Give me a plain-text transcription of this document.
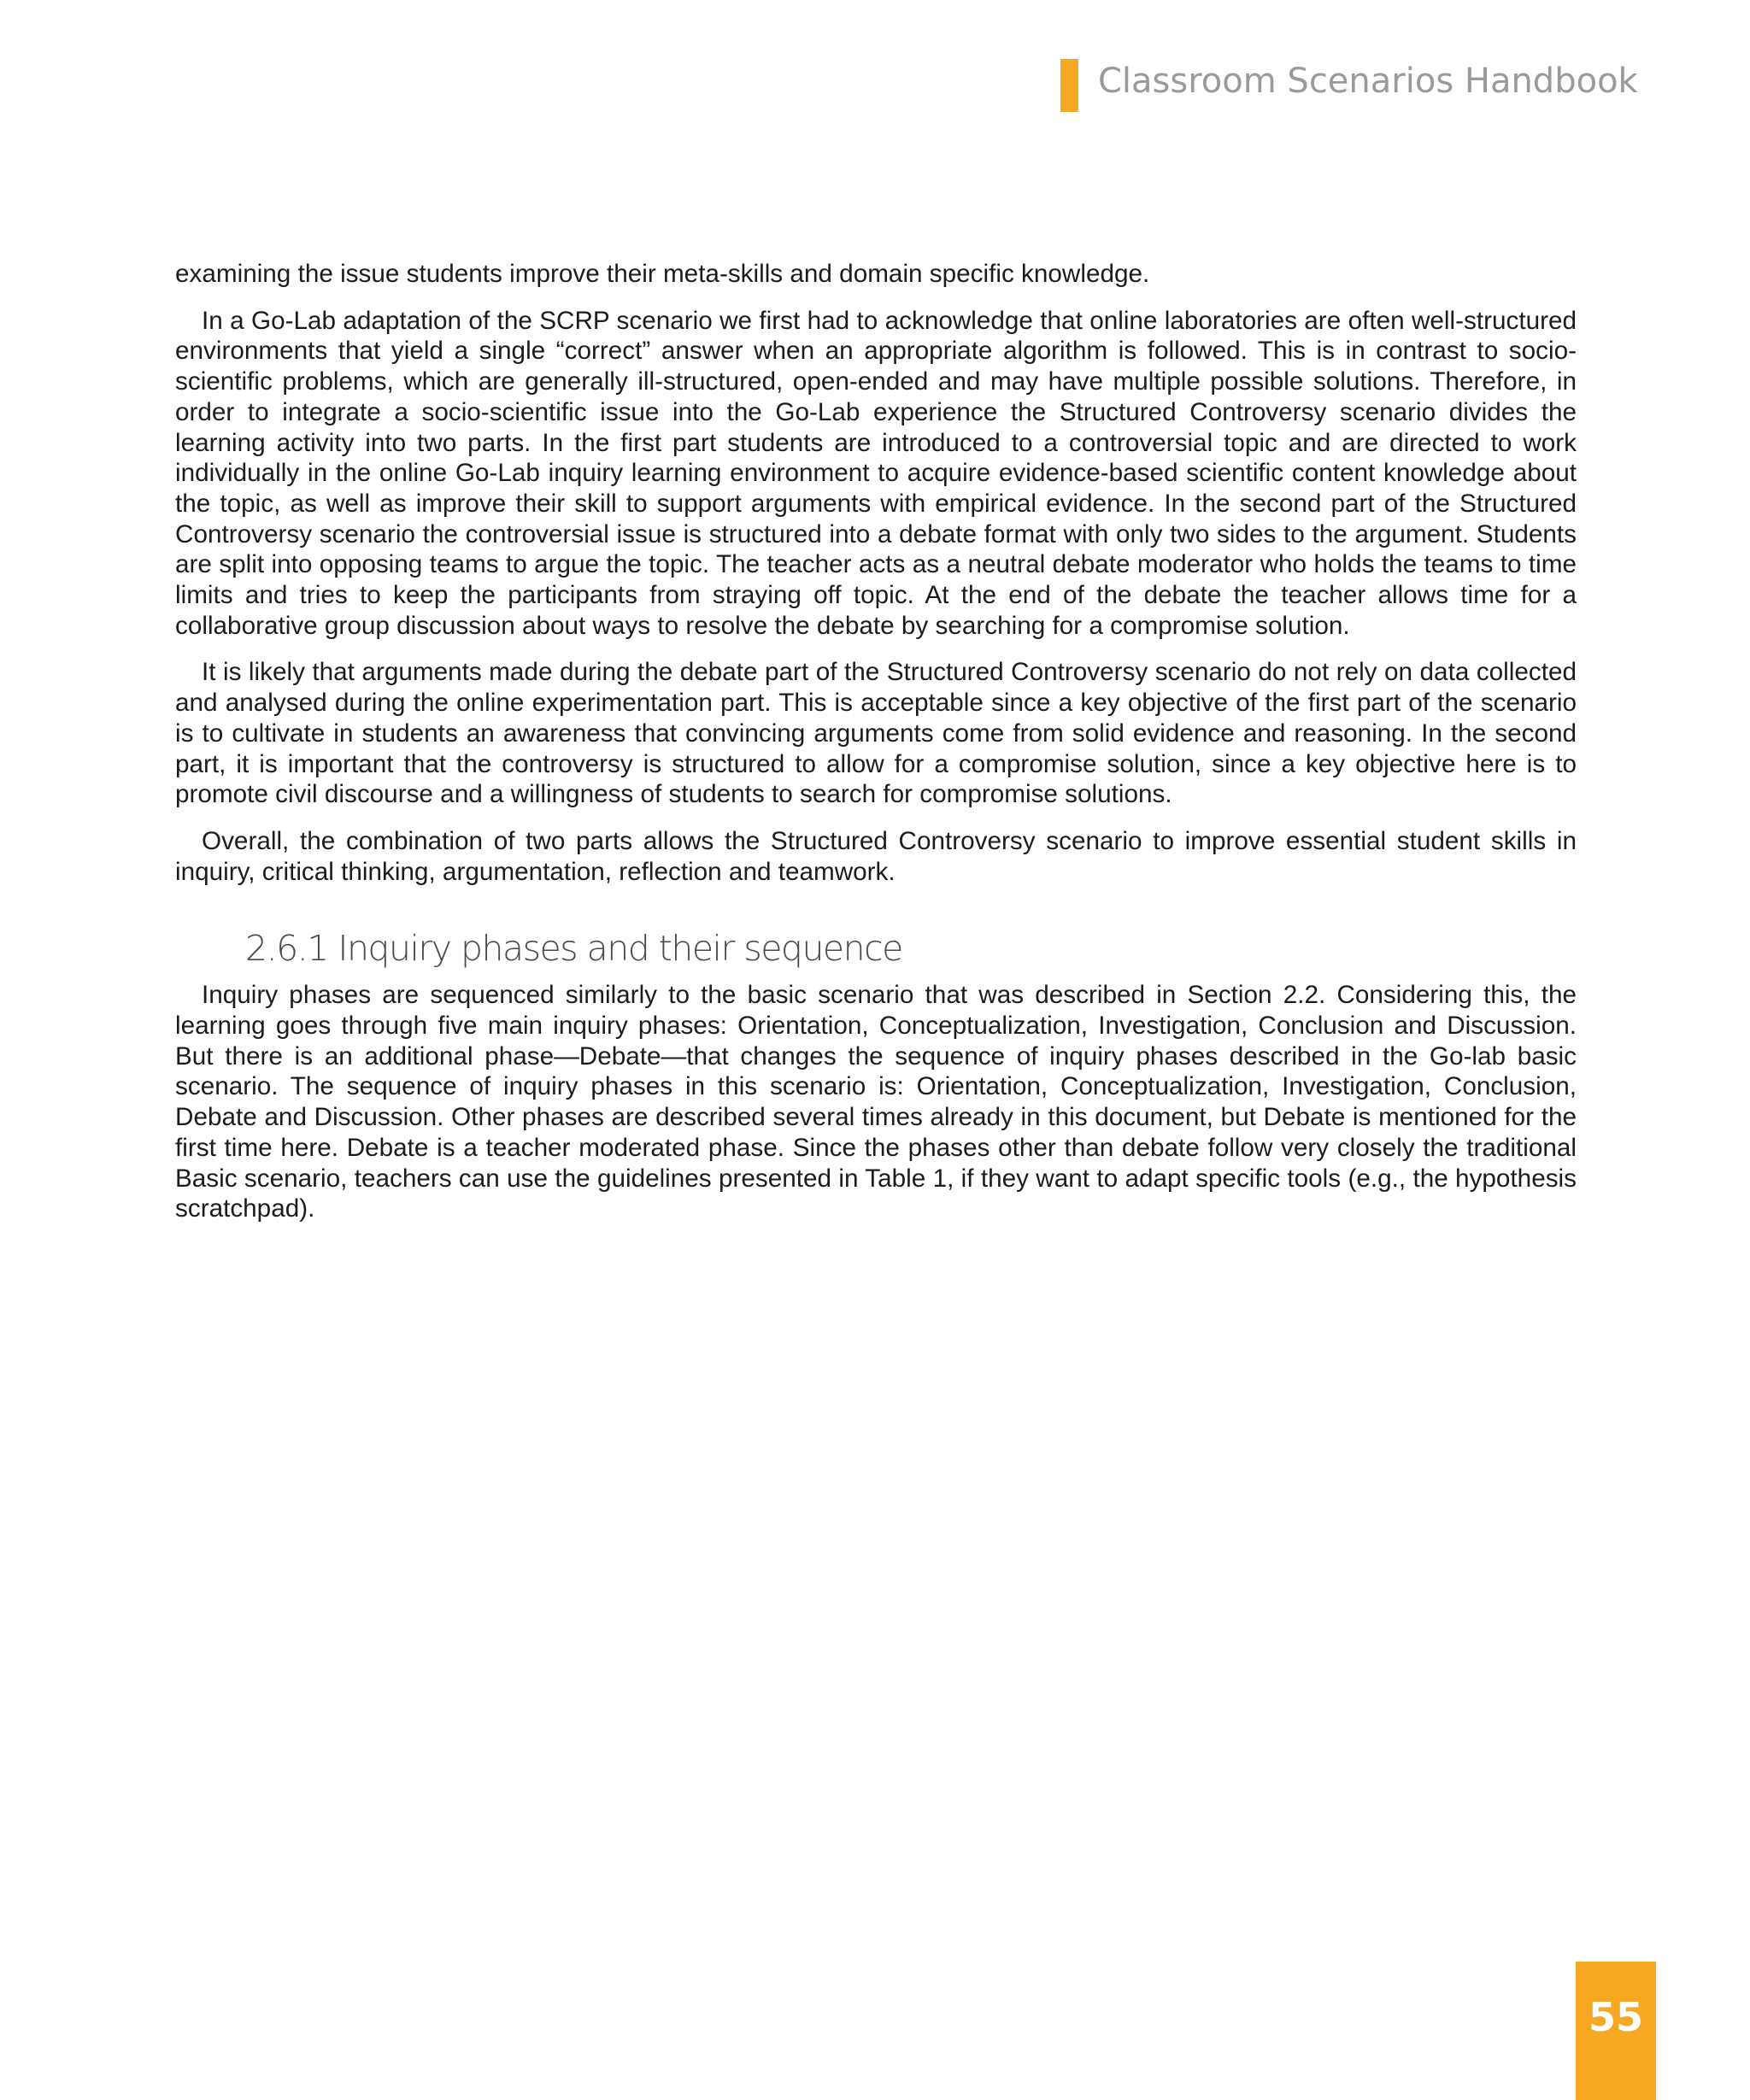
Classroom Scenarios Handbook

examining the issue students improve their meta-skills and domain specific knowledge.

In a Go-Lab adaptation of the SCRP scenario we first had to acknowledge that online laboratories are often well-structured environments that yield a single “correct” answer when an appropriate algorithm is followed. This is in contrast to socio-scientific problems, which are generally ill-structured, open-ended and may have multiple possible solutions. Therefore, in order to integrate a socio-scientific issue into the Go-Lab experience the Structured Controversy scenario divides the learning activity into two parts. In the first part students are introduced to a controversial topic and are directed to work individually in the online Go-Lab inquiry learning environment to acquire evidence-based scientific content knowledge about the topic, as well as improve their skill to support arguments with empirical evidence. In the second part of the Structured Controversy scenario the controversial issue is structured into a debate format with only two sides to the argument. Students are split into opposing teams to argue the topic. The teacher acts as a neutral debate moderator who holds the teams to time limits and tries to keep the participants from straying off topic. At the end of the debate the teacher allows time for a collaborative group discussion about ways to resolve the debate by searching for a compromise solution.

It is likely that arguments made during the debate part of the Structured Controversy scenario do not rely on data collected and analysed during the online experimentation part. This is acceptable since a key objective of the first part of the scenario is to cultivate in students an awareness that convincing arguments come from solid evidence and reasoning. In the second part, it is important that the controversy is structured to allow for a compromise solution, since a key objective here is to promote civil discourse and a willingness of students to search for compromise solutions.

Overall, the combination of two parts allows the Structured Controversy scenario to improve essential student skills in inquiry, critical thinking, argumentation, reflection and teamwork.

2.6.1 Inquiry phases and their sequence

Inquiry phases are sequenced similarly to the basic scenario that was described in Section 2.2. Considering this, the learning goes through five main inquiry phases: Orientation, Conceptualization, Investigation, Conclusion and Discussion. But there is an additional phase—Debate—that changes the sequence of inquiry phases described in the Go-lab basic scenario. The sequence of inquiry phases in this scenario is: Orientation, Conceptualization, Investigation, Conclusion, Debate and Discussion. Other phases are described several times already in this document, but Debate is mentioned for the first time here. Debate is a teacher moderated phase. Since the phases other than debate follow very closely the traditional Basic scenario, teachers can use the guidelines presented in Table 1, if they want to adapt specific tools (e.g., the hypothesis scratchpad).

55
